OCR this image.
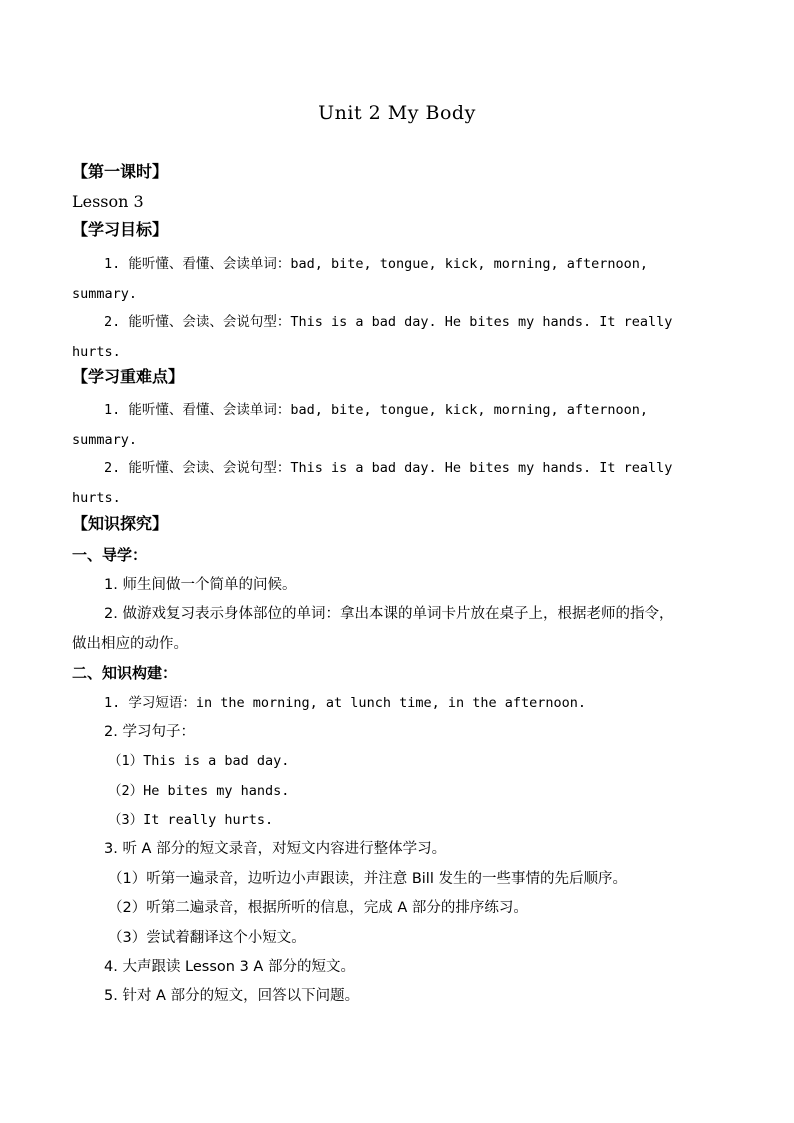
Unit 2 My Body
【第一课时】
Lesson 3
【学习目标】
1. 能听懂、看懂、会读单词：bad, bite, tongue, kick, morning, afternoon,
summary.
2. 能听懂、会读、会说句型：This is a bad day. He bites my hands. It really
hurts.
【学习重难点】
1. 能听懂、看懂、会读单词：bad, bite, tongue, kick, morning, afternoon,
summary.
2. 能听懂、会读、会说句型：This is a bad day. He bites my hands. It really
hurts.
【知识探究】
一、导学：
1. 师生间做一个简单的问候。
2. 做游戏复习表示身体部位的单词：拿出本课的单词卡片放在桌子上，根据老师的指令，
做出相应的动作。
二、知识构建：
1. 学习短语：in the morning, at lunch time, in the afternoon.
2. 学习句子：
（1）This is a bad day.
（2）He bites my hands.
（3）It really hurts.
3. 听 A 部分的短文录音，对短文内容进行整体学习。
（1）听第一遍录音，边听边小声跟读，并注意 Bill 发生的一些事情的先后顺序。
（2）听第二遍录音，根据所听的信息，完成 A 部分的排序练习。
（3）尝试着翻译这个小短文。
4. 大声跟读 Lesson 3 A 部分的短文。
5. 针对 A 部分的短文，回答以下问题。
